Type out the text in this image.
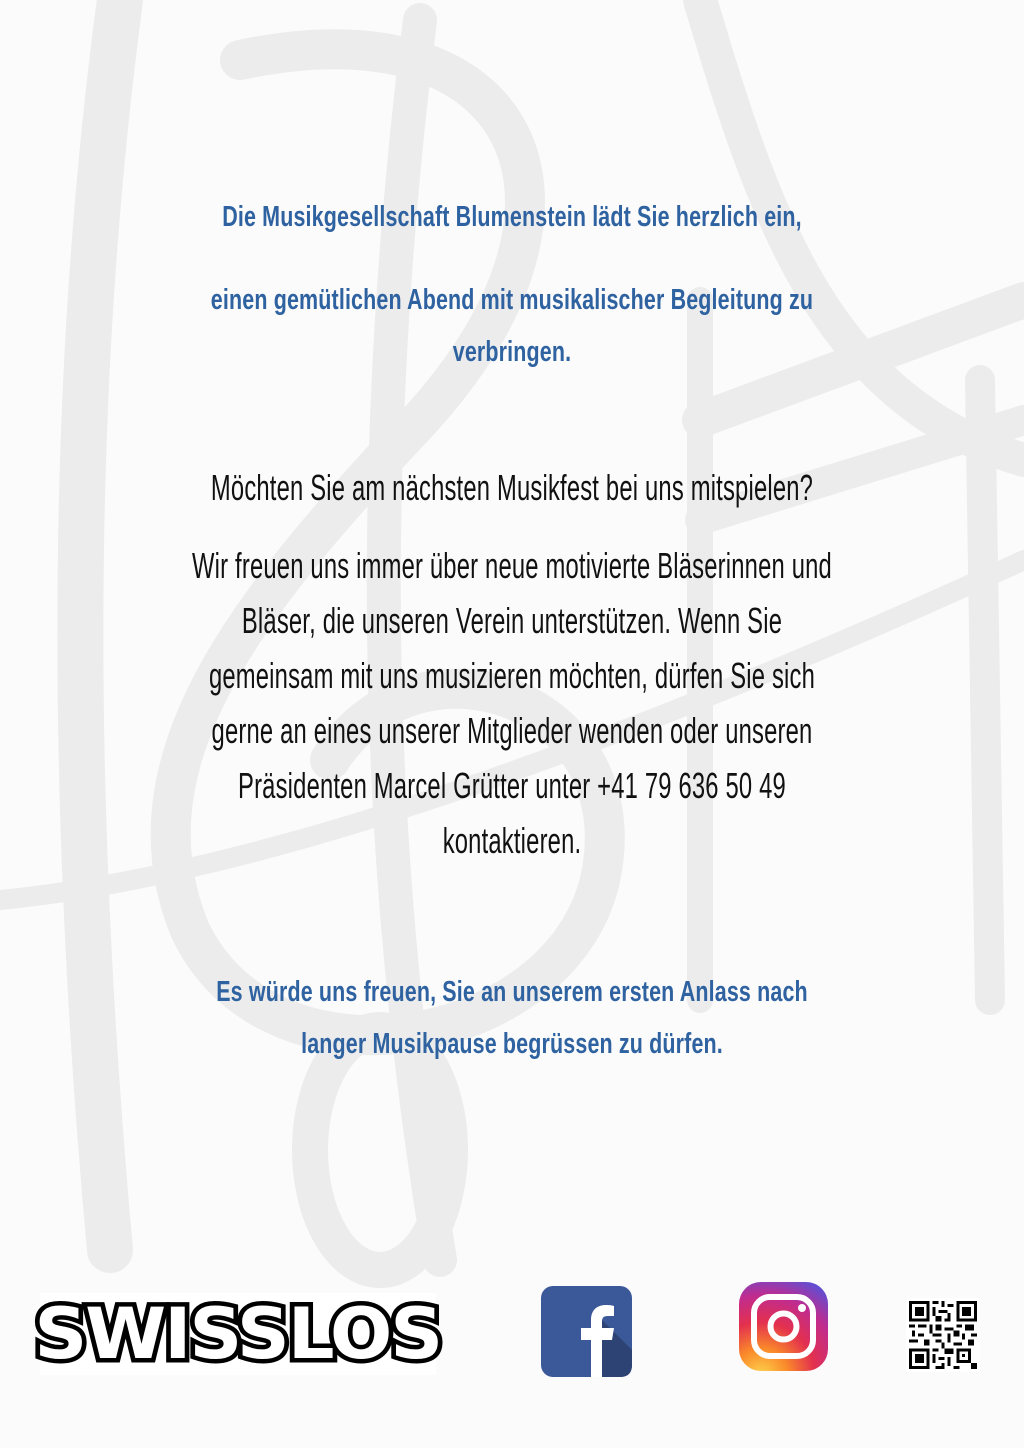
Die Musikgesellschaft Blumenstein lädt Sie herzlich ein,
einen gemütlichen Abend mit musikalischer Begleitung zu
verbringen.
Möchten Sie am nächsten Musikfest bei uns mitspielen?
Wir freuen uns immer über neue motivierte Bläserinnen und
Bläser, die unseren Verein unterstützen. Wenn Sie
gemeinsam mit uns musizieren möchten, dürfen Sie sich
gerne an eines unserer Mitglieder wenden oder unseren
Präsidenten Marcel Grütter unter +41 79 636 50 49
kontaktieren.
Es würde uns freuen, Sie an unserem ersten Anlass nach
langer Musikpause begrüssen zu dürfen.
SWISSLOS
